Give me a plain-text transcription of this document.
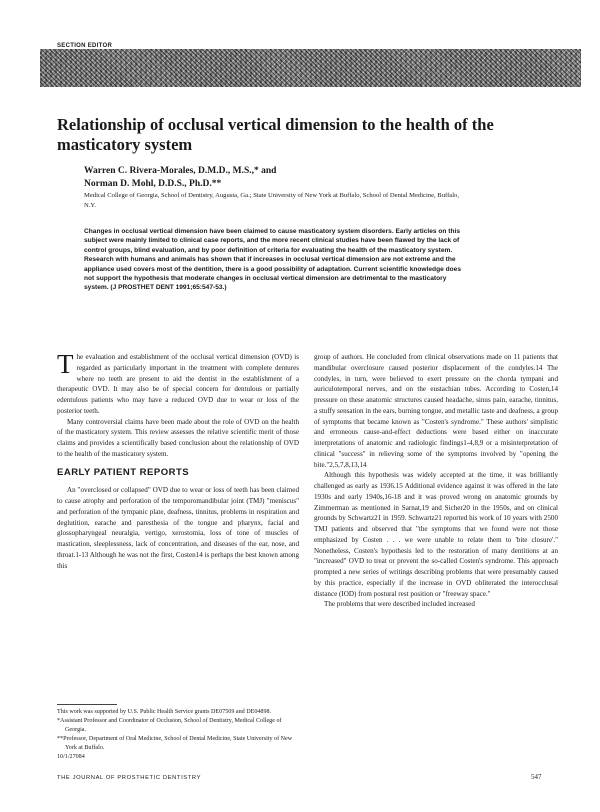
SECTION EDITOR
Relationship of occlusal vertical dimension to the health of the masticatory system
Warren C. Rivera-Morales, D.M.D., M.S.,* and
Norman D. Mohl, D.D.S., Ph.D.**

Medical College of Georgia, School of Dentistry, Augusta, Ga.; State University of New York at Buffalo, School of Dental Medicine, Buffalo, N.Y.

Changes in occlusal vertical dimension have been claimed to cause masticatory system disorders. Early articles on this subject were mainly limited to clinical case reports, and the more recent clinical studies have been flawed by the lack of control groups, blind evaluation, and by poor definition of criteria for evaluating the health of the masticatory system. Research with humans and animals has shown that if increases in occlusal vertical dimension are not extreme and the appliance used covers most of the dentition, there is a good possibility of adaptation. Current scientific knowledge does not support the hypothesis that moderate changes in occlusal vertical dimension are detrimental to the masticatory system. (J PROSTHET DENT 1991;65:547-53.)

The evaluation and establishment of the occlusal vertical dimension (OVD) is regarded as particularly important in the treatment with complete dentures where no teeth are present to aid the dentist in the establishment of a therapeutic OVD. It may also be of special concern for dentulous or partially edentulous patients who may have a reduced OVD due to wear or loss of the posterior teeth.

Many controversial claims have been made about the role of OVD on the health of the masticatory system. This review assesses the relative scientific merit of those claims and provides a scientifically based conclusion about the relationship of OVD to the health of the masticatory system.

EARLY PATIENT REPORTS

An "overclosed or collapsed" OVD due to wear or loss of teeth has been claimed to cause atrophy and perforation of the temporomandibular joint (TMJ) "meniscus" and perforation of the tympanic plate, deafness, tinnitus, problems in respiration and deglutition, earache and paresthesia of the tongue and pharynx, facial and glossopharyngeal neuralgia, vertigo, xerostomia, loss of tone of muscles of mastication, sleeplessness, lack of concentration, and diseases of the ear, nose, and throat.1-13 Although he was not the first, Costen14 is perhaps the best known among this

group of authors. He concluded from clinical observations made on 11 patients that mandibular overclosure caused posterior displacement of the condyles.14 The condyles, in turn, were believed to exert pressure on the chorda tympani and auriculotemporal nerves, and on the eustachian tubes. According to Costen,14 pressure on these anatomic structures caused headache, sinus pain, earache, tinnitus, a stuffy sensation in the ears, burning tongue, and metallic taste and deafness, a group of symptoms that became known as "Costen's syndrome." These authors' simplistic and erroneous cause-and-effect deductions were based either on inaccurate interpretations of anatomic and radiologic findings1-4,8,9 or a misinterpretation of clinical "success" in relieving some of the symptoms involved by "opening the bite."2,5,7,8,13,14

Although this hypothesis was widely accepted at the time, it was brilliantly challenged as early as 1936.15 Additional evidence against it was offered in the late 1930s and early 1940s,16-18 and it was proved wrong on anatomic grounds by Zimmerman as mentioned in Sarnat,19 and Sicher20 in the 1950s, and on clinical grounds by Schwartz21 in 1959. Schwartz21 reported his work of 10 years with 2500 TMJ patients and observed that "the symptoms that we found were not those emphasized by Costen . . . we were unable to relate them to 'bite closure'." Nonetheless, Costen's hypothesis led to the restoration of many dentitions at an "increased" OVD to treat or prevent the so-called Costen's syndrome. This approach prompted a new series of writings describing problems that were presumably caused by this practice, especially if the increase in OVD obliterated the interocclusal distance (IOD) from postural rest position or "freeway space."

The problems that were described included increased

This work was supported by U.S. Public Health Service grants DE07509 and DE04898.
*Assistant Professor and Coordinator of Occlusion, School of Dentistry, Medical College of Georgia.
**Professor, Department of Oral Medicine, School of Dental Medicine, State University of New York at Buffalo.
10/1/27084
THE JOURNAL OF PROSTHETIC DENTISTRY	547
